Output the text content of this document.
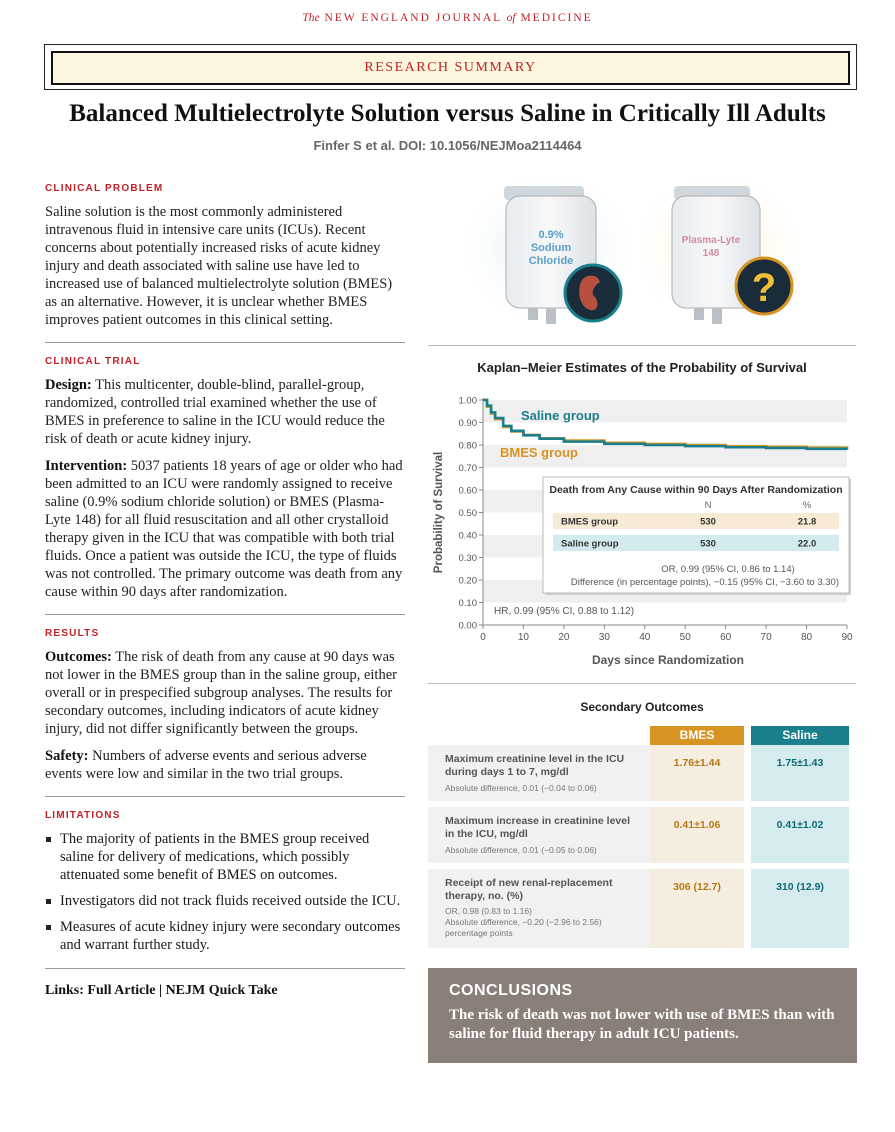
The NEW ENGLAND JOURNAL of MEDICINE
RESEARCH SUMMARY
Balanced Multielectrolyte Solution versus Saline in Critically Ill Adults
Finfer S et al. DOI: 10.1056/NEJMoa2114464
CLINICAL PROBLEM

Saline solution is the most commonly administered intravenous fluid in intensive care units (ICUs). Recent concerns about potentially increased risks of acute kidney injury and death associated with saline use have led to increased use of balanced multielectrolyte solution (BMES) as an alternative. However, it is unclear whether BMES improves patient outcomes in this clinical setting.

CLINICAL TRIAL

Design: This multicenter, double-blind, parallel-group, randomized, controlled trial examined whether the use of BMES in preference to saline in the ICU would reduce the risk of death or acute kidney injury.

Intervention: 5037 patients 18 years of age or older who had been admitted to an ICU were randomly assigned to receive saline (0.9% sodium chloride solution) or BMES (Plasma-Lyte 148) for all fluid resuscitation and all other crystalloid therapy given in the ICU that was compatible with both trial fluids. Once a patient was outside the ICU, the type of fluids was not controlled. The primary outcome was death from any cause within 90 days after randomization.

RESULTS

Outcomes: The risk of death from any cause at 90 days was not lower in the BMES group than in the saline group, either overall or in prespecified subgroup analyses. The results for secondary outcomes, including indicators of acute kidney injury, did not differ significantly between the groups.

Safety: Numbers of adverse events and serious adverse events were low and similar in the two trial groups.

LIMITATIONS
The majority of patients in the BMES group received saline for delivery of medications, which possibly attenuated some benefit of BMES on outcomes.
Investigators did not track fluids received outside the ICU.
Measures of acute kidney injury were secondary outcomes and warrant further study.
Links: Full Article | NEJM Quick Take
0.9%
Sodium
Chloride
Plasma-Lyte
148
?
Kaplan–Meier Estimates of the Probability of Survival
0.00
0.10
0.20
0.30
0.40
0.50
0.60
0.70
0.80
0.90
1.00
0	10	20	30	40	50	60	70	80	90
Days since Randomization
Probability of Survival
Saline group
BMES group
Death from Any Cause within 90 Days After Randomization
N	%
BMES group	530	21.8
Saline group	530	22.0
OR, 0.99 (95% CI, 0.86 to 1.14)
Difference (in percentage points), −0.15 (95% CI, −3.60 to 3.30)
HR, 0.99 (95% CI, 0.88 to 1.12)
Secondary Outcomes
BMES	Saline
Maximum creatinine level in the ICU during days 1 to 7, mg/dl
Absolute difference, 0.01 (−0.04 to 0.06)
1.76±1.44	1.75±1.43
Maximum increase in creatinine level in the ICU, mg/dl
Absolute difference, 0.01 (−0.05 to 0.06)
0.41±1.06	0.41±1.02
Receipt of new renal-replacement therapy, no. (%)
OR, 0.98 (0.83 to 1.16)
Absolute difference, −0.20 (−2.96 to 2.56)
percentage points
306 (12.7)	310 (12.9)
CONCLUSIONS
The risk of death was not lower with use of BMES than with saline for fluid therapy in adult ICU patients.
